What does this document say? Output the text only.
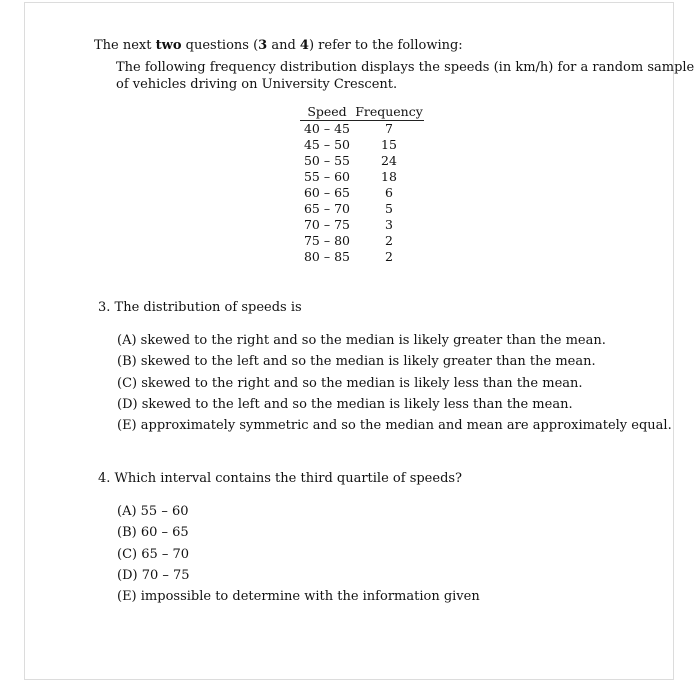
The next two questions (3 and 4) refer to the following:
The following frequency distribution displays the speeds (in km/h) for a random sample
of vehicles driving on University Crescent.
Speed	Frequency
40 – 45	7
45 – 50	15
50 – 55	24
55 – 60	18
60 – 65	6
65 – 70	5
70 – 75	3
75 – 80	2
80 – 85	2
3. The distribution of speeds is
(A) skewed to the right and so the median is likely greater than the mean.
(B) skewed to the left and so the median is likely greater than the mean.
(C) skewed to the right and so the median is likely less than the mean.
(D) skewed to the left and so the median is likely less than the mean.
(E) approximately symmetric and so the median and mean are approximately equal.
4. Which interval contains the third quartile of speeds?
(A) 55 – 60
(B) 60 – 65
(C) 65 – 70
(D) 70 – 75
(E) impossible to determine with the information given
